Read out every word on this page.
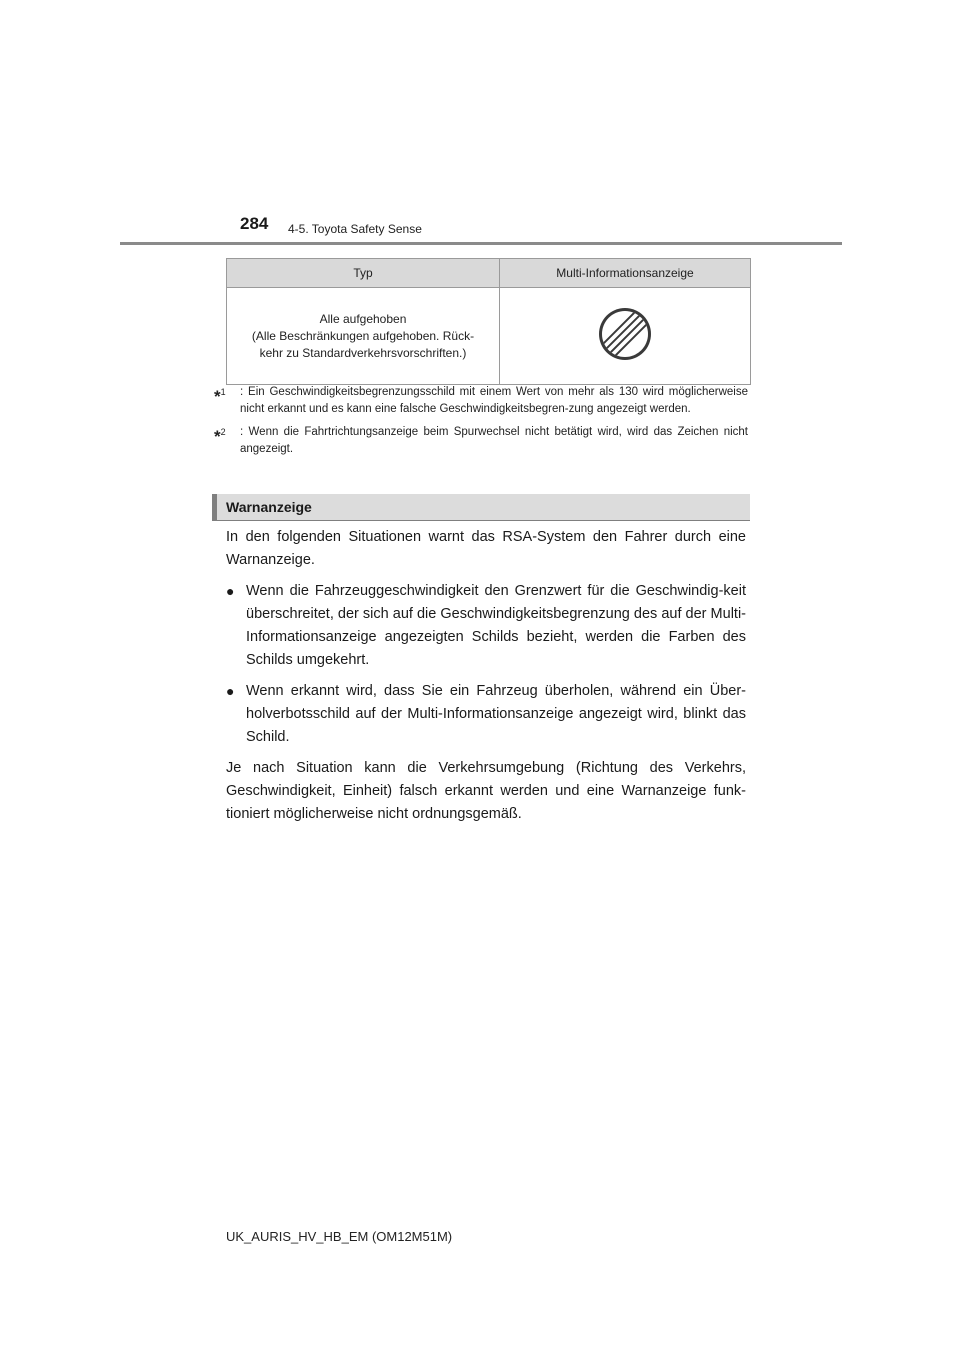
284 4-5. Toyota Safety Sense
Typ	Multi-Informationsanzeige

Alle aufgehoben
(Alle Beschränkungen aufgehoben. Rück-
kehr zu Standardverkehrsvorschriften.)

*$^1$	: Ein Geschwindigkeitsbegrenzungsschild mit einem Wert von mehr als 130 wird möglicherweise nicht erkannt und es kann eine falsche Geschwindigkeitsbegren-zung angezeigt werden.
*$^2$	: Wenn die Fahrtrichtungsanzeige beim Spurwechsel nicht betätigt wird, wird das Zeichen nicht angezeigt.
Warnanzeige

In den folgenden Situationen warnt das RSA-System den Fahrer durch eine Warnanzeige.

● Wenn die Fahrzeuggeschwindigkeit den Grenzwert für die Geschwindig-keit überschreitet, der sich auf die Geschwindigkeitsbegrenzung des auf der Multi-Informationsanzeige angezeigten Schilds bezieht, werden die Farben des Schilds umgekehrt.
● Wenn erkannt wird, dass Sie ein Fahrzeug überholen, während ein Über-holverbotsschild auf der Multi-Informationsanzeige angezeigt wird, blinkt das Schild.

Je nach Situation kann die Verkehrsumgebung (Richtung des Verkehrs, Geschwindigkeit, Einheit) falsch erkannt werden und eine Warnanzeige funk-tioniert möglicherweise nicht ordnungsgemäß.

UK_AURIS_HV_HB_EM (OM12M51M)
